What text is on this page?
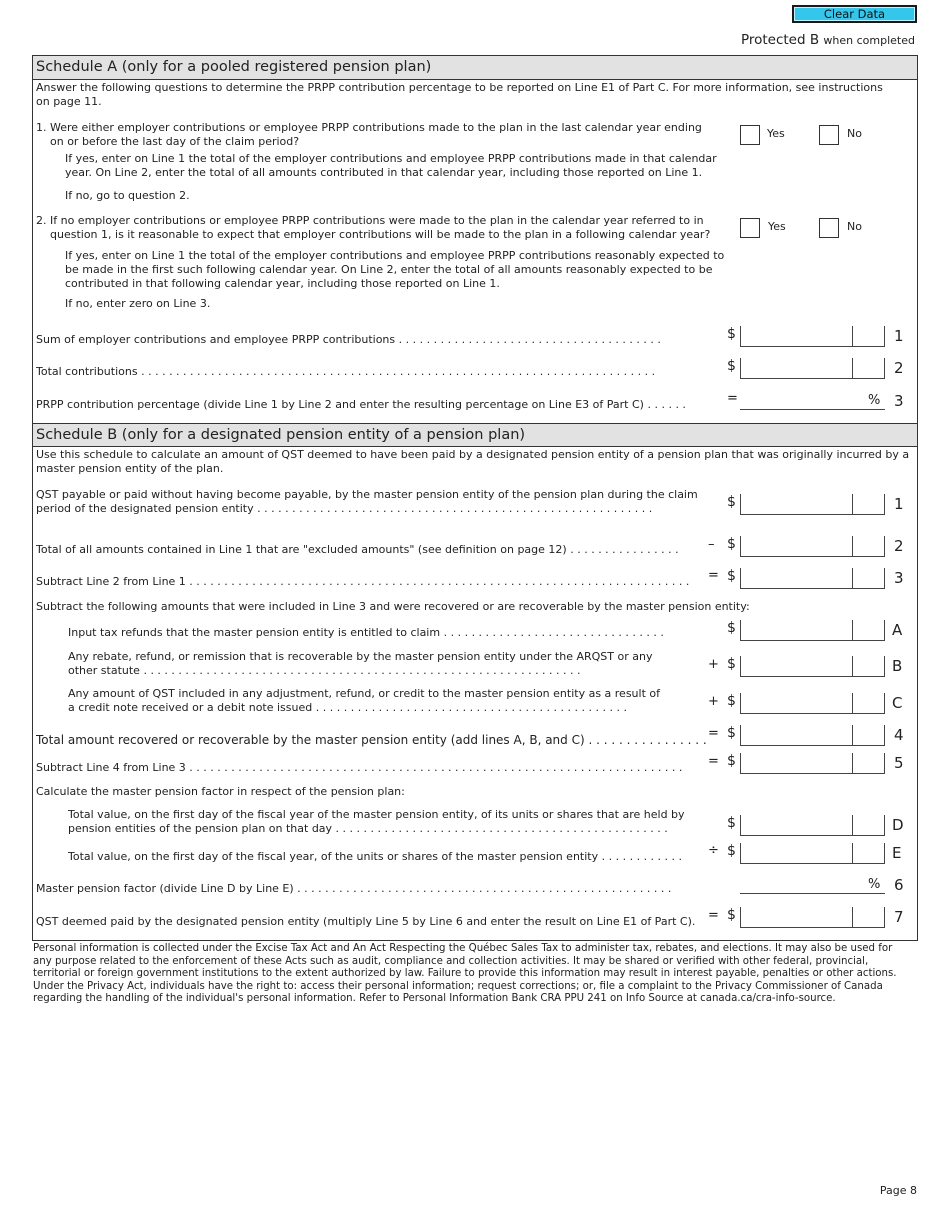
Clear Data
Protected B when completed
Schedule A (only for a pooled registered pension plan)
Answer the following questions to determine the PRPP contribution percentage to be reported on Line E1 of Part C. For more information, see instructions on page 11.
1. Were either employer contributions or employee PRPP contributions made to the plan in the last calendar year ending
on or before the last day of the claim period?
If yes, enter on Line 1 the total of the employer contributions and employee PRPP contributions made in that calendar year. On Line 2, enter the total of all amounts contributed in that calendar year, including those reported on Line 1.
If no, go to question 2.
Yes	No
2. If no employer contributions or employee PRPP contributions were made to the plan in the calendar year referred to in
question 1, is it reasonable to expect that employer contributions will be made to the plan in a following calendar year?
If yes, enter on Line 1 the total of the employer contributions and employee PRPP contributions reasonably expected to be made in the first such following calendar year. On Line 2, enter the total of all amounts reasonably expected to be contributed in that following calendar year, including those reported on Line 1.
If no, enter zero on Line 3.
Yes	No
Sum of employer contributions and employee PRPP contributions . . . . . . . . . . . . . . . . . . . . . . . . . . . . . . . . . . . . . .	$	1
Total contributions . . . . . . . . . . . . . . . . . . . . . . . . . . . . . . . . . . . . . . . . . . . . . . . . . . . . . . . . . . . . . . . . . . . . . . . . . .	$	2
PRPP contribution percentage (divide Line 1 by Line 2 and enter the resulting percentage on Line E3 of Part C) . . . . . .	=	% 3
Schedule B (only for a designated pension entity of a pension plan)
Use this schedule to calculate an amount of QST deemed to have been paid by a designated pension entity of a pension plan that was originally incurred by a master pension entity of the plan.
QST payable or paid without having become payable, by the master pension entity of the pension plan during the claim
period of the designated pension entity . . . . . . . . . . . . . . . . . . . . . . . . . . . . . . . . . . . . . . . . . . . . . . . . . . . . . . . . .	$	1
Total of all amounts contained in Line 1 that are "excluded amounts" (see definition on page 12) . . . . . . . . . . . . . . . .	– $	2
Subtract Line 2 from Line 1 . . . . . . . . . . . . . . . . . . . . . . . . . . . . . . . . . . . . . . . . . . . . . . . . . . . . . . . . . . . . . . . . . . . . . . . .	= $	3
Subtract the following amounts that were included in Line 3 and were recovered or are recoverable by the master pension entity:
Input tax refunds that the master pension entity is entitled to claim . . . . . . . . . . . . . . . . . . . . . . . . . . . . . . . .	$	A
Any rebate, refund, or remission that is recoverable by the master pension entity under the ARQST or any
other statute . . . . . . . . . . . . . . . . . . . . . . . . . . . . . . . . . . . . . . . . . . . . . . . . . . . . . . . . . . . . . . .	+ $	B
Any amount of QST included in any adjustment, refund, or credit to the master pension entity as a result of
a credit note received or a debit note issued . . . . . . . . . . . . . . . . . . . . . . . . . . . . . . . . . . . . . . . . . . . . .	+ $	C
Total amount recovered or recoverable by the master pension entity (add lines A, B, and C) . . . . . . . . . . . . . . . . = $	4
Subtract Line 4 from Line 3 . . . . . . . . . . . . . . . . . . . . . . . . . . . . . . . . . . . . . . . . . . . . . . . . . . . . . . . . . . . . . . . . . . . . . . .	= $	5
Calculate the master pension factor in respect of the pension plan:
Total value, on the first day of the fiscal year of the master pension entity, of its units or shares that are held by
pension entities of the pension plan on that day . . . . . . . . . . . . . . . . . . . . . . . . . . . . . . . . . . . . . . . . . . . . . . . .	$	D
Total value, on the first day of the fiscal year, of the units or shares of the master pension entity . . . . . . . . . . . .	÷ $	E
Master pension factor (divide Line D by Line E) . . . . . . . . . . . . . . . . . . . . . . . . . . . . . . . . . . . . . . . . . . . . . . . . . . . . . .	% 6
QST deemed paid by the designated pension entity (multiply Line 5 by Line 6 and enter the result on Line E1 of Part C). = $	7
Personal information is collected under the Excise Tax Act and An Act Respecting the Québec Sales Tax to administer tax, rebates, and elections. It may also be used for any purpose related to the enforcement of these Acts such as audit, compliance and collection activities. It may be shared or verified with other federal, provincial, territorial or foreign government institutions to the extent authorized by law. Failure to provide this information may result in interest payable, penalties or other actions. Under the Privacy Act, individuals have the right to: access their personal information; request corrections; or, file a complaint to the Privacy Commissioner of Canada regarding the handling of the individual's personal information. Refer to Personal Information Bank CRA PPU 241 on Info Source at canada.ca/cra-info-source.
Page 8
